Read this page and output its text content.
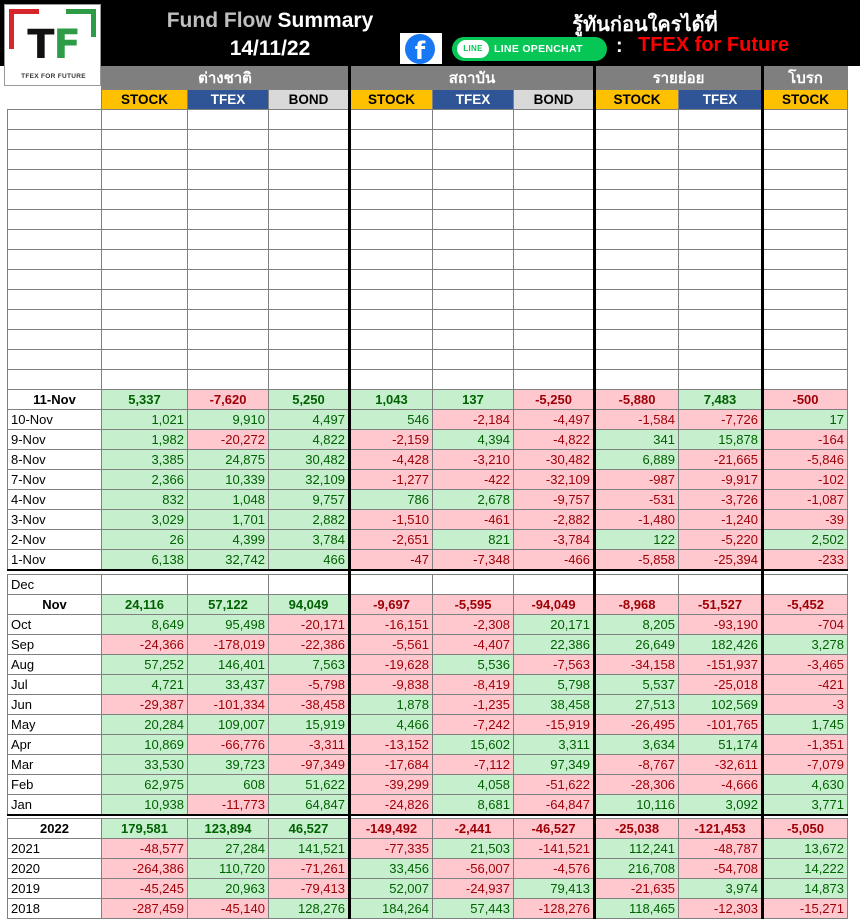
Fund Flow Summary
14/11/22
รู้ทันก่อนใครได้ที่
f	LINE	LINE OPENCHAT	: TFEX for Future
TF
TFEX FOR FUTURE
		ต่างชาติ			สถาบัน			รายย่อย		โบรก
	STOCK	TFEX	BOND	STOCK	TFEX	BOND	STOCK	TFEX	STOCK

11-Nov	5,337	-7,620	5,250	1,043	137	-5,250	-5,880	7,483	-500
10-Nov	1,021	9,910	4,497	546	-2,184	-4,497	-1,584	-7,726	17
9-Nov	1,982	-20,272	4,822	-2,159	4,394	-4,822	341	15,878	-164
8-Nov	3,385	24,875	30,482	-4,428	-3,210	-30,482	6,889	-21,665	-5,846
7-Nov	2,366	10,339	32,109	-1,277	-422	-32,109	-987	-9,917	-102
4-Nov	832	1,048	9,757	786	2,678	-9,757	-531	-3,726	-1,087
3-Nov	3,029	1,701	2,882	-1,510	-461	-2,882	-1,480	-1,240	-39
2-Nov	26	4,399	3,784	-2,651	821	-3,784	122	-5,220	2,502
1-Nov	6,138	32,742	466	-47	-7,348	-466	-5,858	-25,394	-233

Dec									
Nov	24,116	57,122	94,049	-9,697	-5,595	-94,049	-8,968	-51,527	-5,452
Oct	8,649	95,498	-20,171	-16,151	-2,308	20,171	8,205	-93,190	-704
Sep	-24,366	-178,019	-22,386	-5,561	-4,407	22,386	26,649	182,426	3,278
Aug	57,252	146,401	7,563	-19,628	5,536	-7,563	-34,158	-151,937	-3,465
Jul	4,721	33,437	-5,798	-9,838	-8,419	5,798	5,537	-25,018	-421
Jun	-29,387	-101,334	-38,458	1,878	-1,235	38,458	27,513	102,569	-3
May	20,284	109,007	15,919	4,466	-7,242	-15,919	-26,495	-101,765	1,745
Apr	10,869	-66,776	-3,311	-13,152	15,602	3,311	3,634	51,174	-1,351
Mar	33,530	39,723	-97,349	-17,684	-7,112	97,349	-8,767	-32,611	-7,079
Feb	62,975	608	51,622	-39,299	4,058	-51,622	-28,306	-4,666	4,630
Jan	10,938	-11,773	64,847	-24,826	8,681	-64,847	10,116	3,092	3,771

2022	179,581	123,894	46,527	-149,492	-2,441	-46,527	-25,038	-121,453	-5,050
2021	-48,577	27,284	141,521	-77,335	21,503	-141,521	112,241	-48,787	13,672
2020	-264,386	110,720	-71,261	33,456	-56,007	-4,576	216,708	-54,708	14,222
2019	-45,245	20,963	-79,413	52,007	-24,937	79,413	-21,635	3,974	14,873
2018	-287,459	-45,140	128,276	184,264	57,443	-128,276	118,465	-12,303	-15,271
